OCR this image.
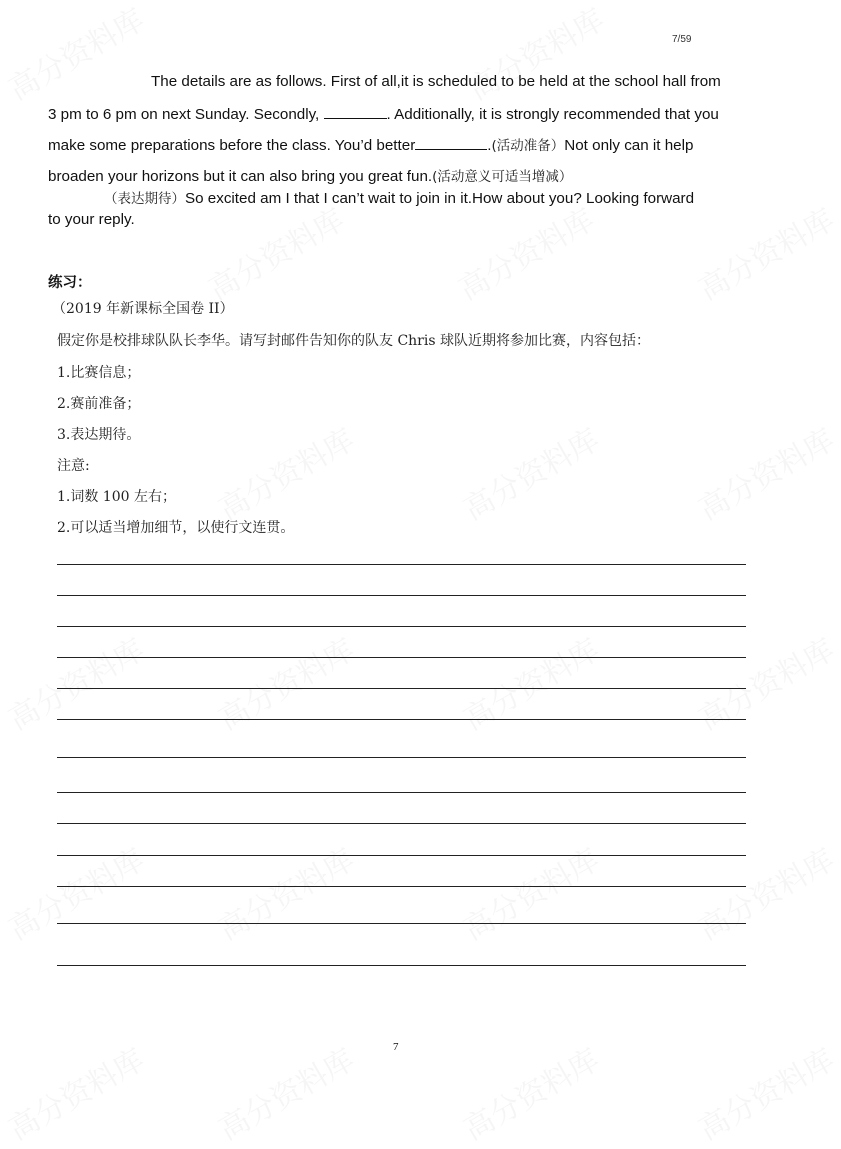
高分资料库	高分资料库
高分资料库	高分资料库	高分资料库
高分资料库	高分资料库	高分资料库
高分资料库 高分资料库	高分资料库	高分资料库
高分资料库 高分资料库	高分资料库	高分资料库
高分资料库 高分资料库	高分资料库	高分资料库
7/59
The details are as follows. First of all,it is scheduled to be held at the school hall from
3 pm to 6 pm on next Sunday. Secondly,	. Additionally, it is strongly recommended that you
make some preparations before the class. You’d better	.(活动准备）Not only can it help
broaden your horizons but it can also bring you great fun.(活动意义可适当增减）
（表达期待）So excited am I that I can’t wait to join in it.How about you? Looking forward
to your reply.
练习：
（2019 年新课标全国卷 II）
假定你是校排球队队长李华。请写封邮件告知你的队友 Chris 球队近期将参加比赛，内容包括：
1.比赛信息；
2.赛前准备；
3.表达期待。
注意:
1.词数 100 左右；
2.可以适当增加细节，以使行文连贯。
7
